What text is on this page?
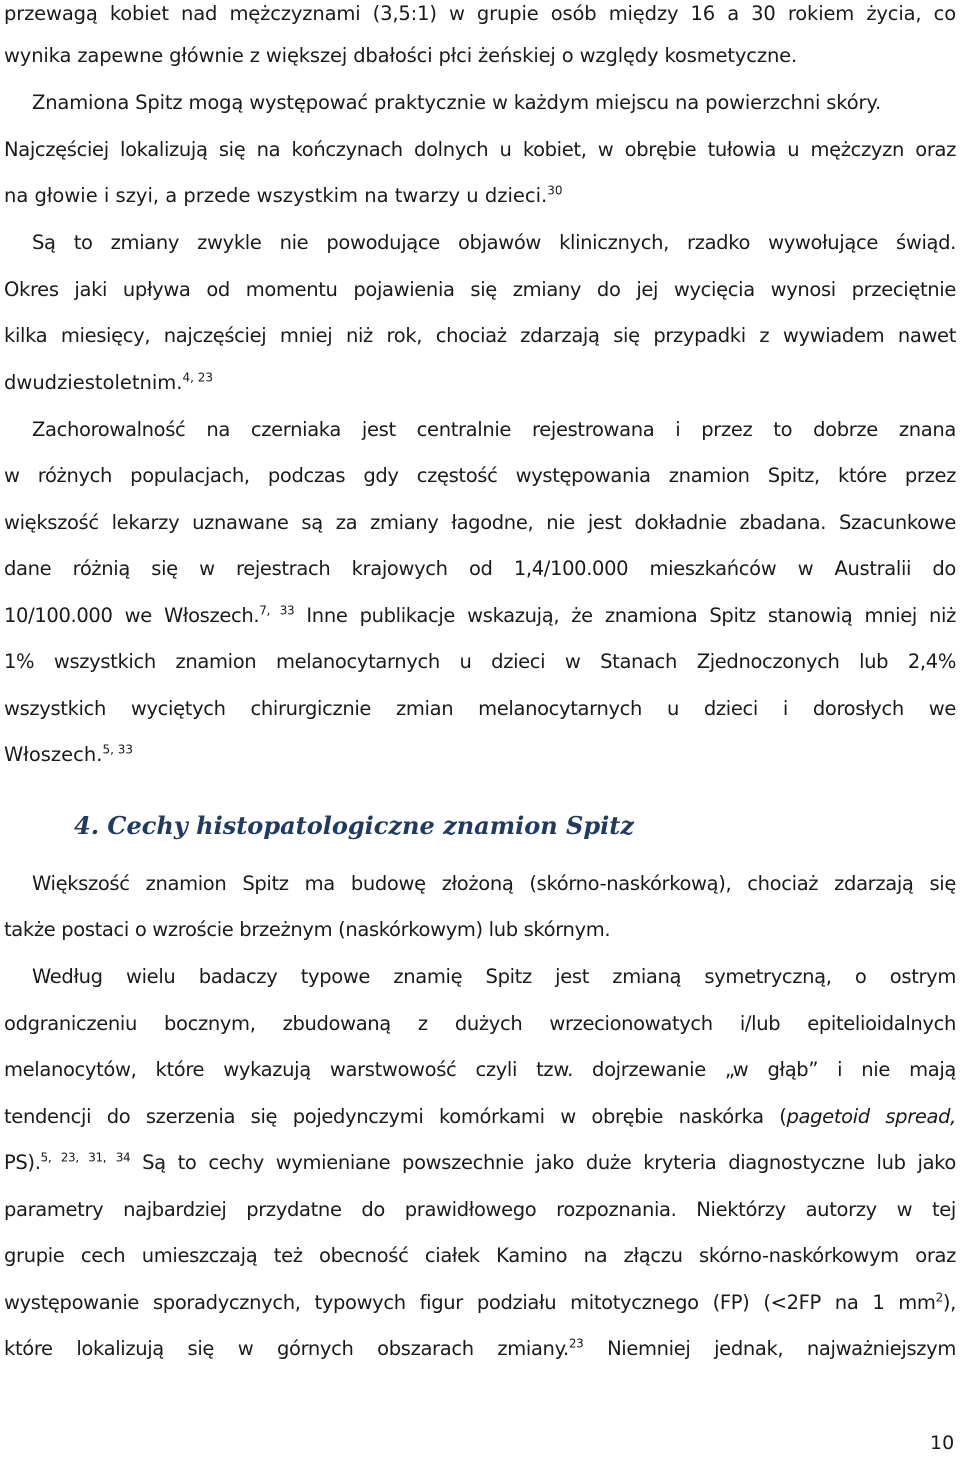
przewagą kobiet nad mężczyznami (3,5:1) w grupie osób między 16 a 30 rokiem życia, co
wynika zapewne głównie z większej dbałości płci żeńskiej o względy kosmetyczne.
Znamiona Spitz mogą występować praktycznie w każdym miejscu na powierzchni skóry.
Najczęściej lokalizują się na kończynach dolnych u kobiet, w obrębie tułowia u mężczyzn oraz
na głowie i szyi, a przede wszystkim na twarzy u dzieci.$^{30}$
Są to zmiany zwykle nie powodujące objawów klinicznych, rzadko wywołujące świąd.
Okres jaki upływa od momentu pojawienia się zmiany do jej wycięcia wynosi przeciętnie
kilka miesięcy, najczęściej mniej niż rok, chociaż zdarzają się przypadki z wywiadem nawet
dwudziestoletnim.$^{4, 23}$
Zachorowalność na czerniaka jest centralnie rejestrowana i przez to dobrze znana
w różnych populacjach, podczas gdy częstość występowania znamion Spitz, które przez
większość lekarzy uznawane są za zmiany łagodne, nie jest dokładnie zbadana. Szacunkowe
dane różnią się w rejestrach krajowych od 1,4/100.000 mieszkańców w Australii do
10/100.000 we Włoszech.$^{7, 33}$ Inne publikacje wskazują, że znamiona Spitz stanowią mniej niż
1% wszystkich znamion melanocytarnych u dzieci w Stanach Zjednoczonych lub 2,4%
wszystkich wyciętych chirurgicznie zmian melanocytarnych u dzieci i dorosłych we
Włoszech.$^{5, 33}$
4. Cechy histopatologiczne znamion Spitz
Większość znamion Spitz ma budowę złożoną (skórno-naskórkową), chociaż zdarzają się
także postaci o wzroście brzeżnym (naskórkowym) lub skórnym.
Według wielu badaczy typowe znamię Spitz jest zmianą symetryczną, o ostrym
odgraniczeniu bocznym, zbudowaną z dużych wrzecionowatych i/lub epitelioidalnych
melanocytów, które wykazują warstwowość czyli tzw. dojrzewanie „w głąb” i nie mają
tendencji do szerzenia się pojedynczymi komórkami w obrębie naskórka (pagetoid spread,
PS).$^{5, 23, 31, 34}$ Są to cechy wymieniane powszechnie jako duże kryteria diagnostyczne lub jako
parametry najbardziej przydatne do prawidłowego rozpoznania. Niektórzy autorzy w tej
grupie cech umieszczają też obecność ciałek Kamino na złączu skórno-naskórkowym oraz
występowanie sporadycznych, typowych figur podziału mitotycznego (FP) (<2FP na 1 $mm^2$),
które lokalizują się w górnych obszarach zmiany.$^{23}$ Niemniej jednak, najważniejszym
10
